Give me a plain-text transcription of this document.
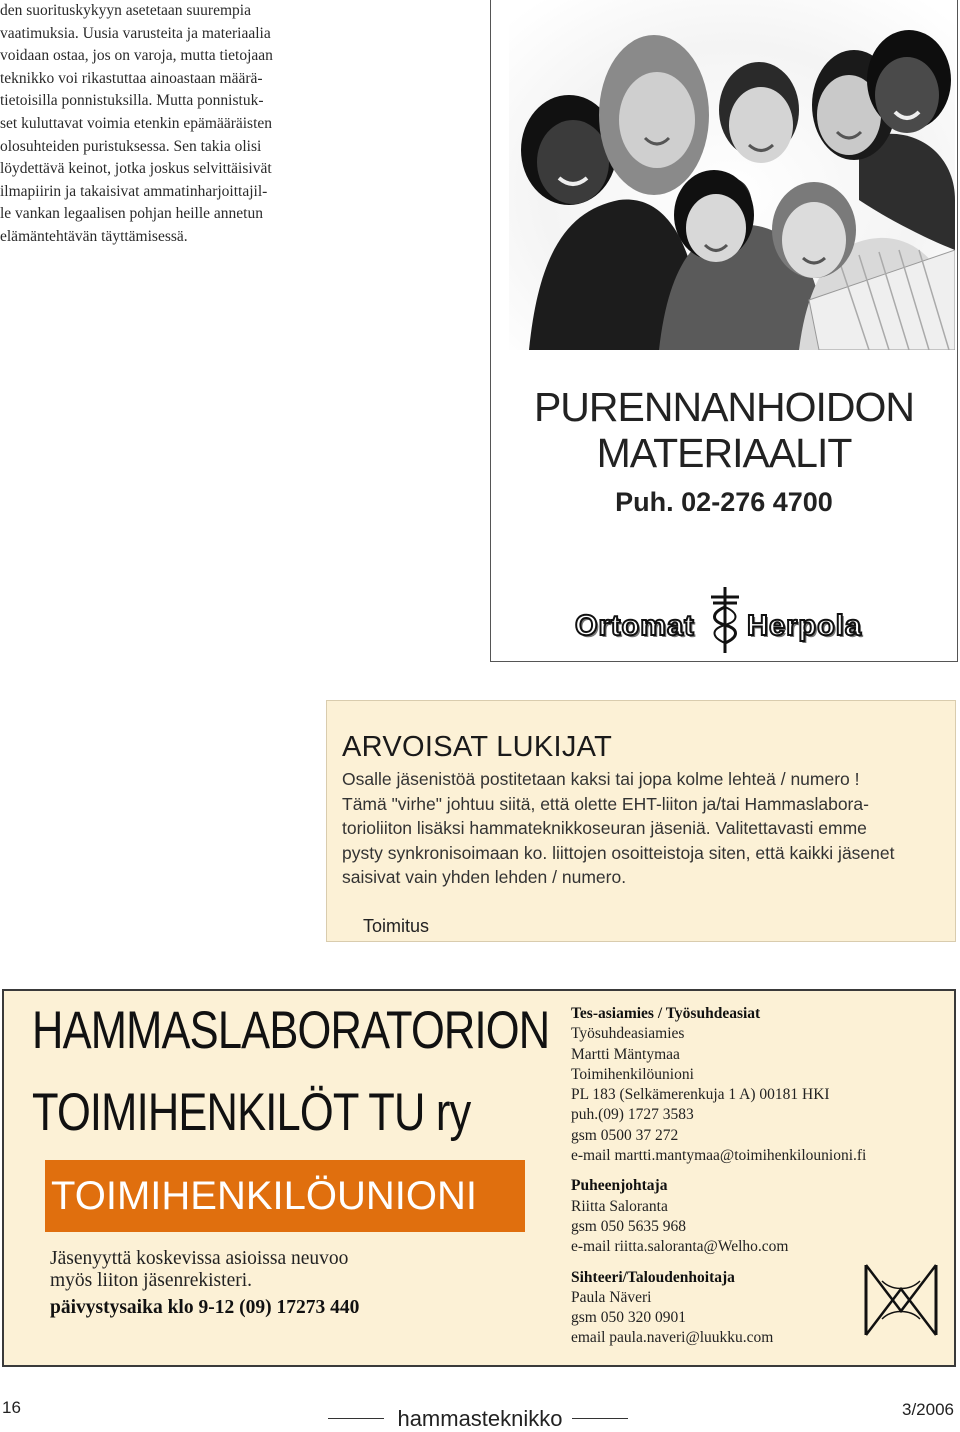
den suorituskykyyn asetetaan suurempia
vaatimuksia. Uusia varusteita ja materiaalia
voidaan ostaa, jos on varoja, mutta tietojaan
teknikko voi rikastuttaa ainoastaan määrä-
tietoisilla ponnistuksilla. Mutta ponnistuk-
set kuluttavat voimia etenkin epämääräisten
olosuhteiden puristuksessa. Sen takia olisi
löydettävä keinot, jotka joskus selvittäisivät
ilmapiirin ja takaisivat ammatinharjoittajil-
le vankan legaalisen pohjan heille annetun
elämäntehtävän täyttämisessä.
PURENNANHOIDON
MATERIAALIT
Puh. 02-276 4700
Ortomat Herpola
ARVOISAT LUKIJAT
Osalle jäsenistöä postitetaan kaksi tai jopa kolme lehteä / numero !
Tämä "virhe" johtuu siitä, että olette EHT-liiton ja/tai Hammaslabora-
torioliiton lisäksi hammateknikkoseuran jäseniä. Valitettavasti emme
pysty synkronisoimaan ko. liittojen osoitteistoja siten, että kaikki jäsenet
saisivat vain yhden lehden / numero.
Toimitus
HAMMASLABORATORION
TOIMIHENKILÖT TU ry
TOIMIHENKILÖUNIONI
Jäsenyyttä koskevissa asioissa neuvoo
myös liiton jäsenrekisteri.
päivystysaika klo 9-12 (09) 17273 440
Tes-asiamies / Työsuhdeasiat
Työsuhdeasiamies
Martti Mäntymaa
Toimihenkilöunioni
PL 183 (Selkämerenkuja 1 A) 00181 HKI
puh.(09) 1727 3583
gsm 0500 37 272
e-mail martti.mantymaa@toimihenkilounioni.fi
Puheenjohtaja
Riitta Saloranta
gsm 050 5635 968
e-mail riitta.saloranta@Welho.com
Sihteeri/Taloudenhoitaja
Paula Näveri
gsm 050 320 0901
email paula.naveri@luukku.com
16	hammasteknikko	3/2006
